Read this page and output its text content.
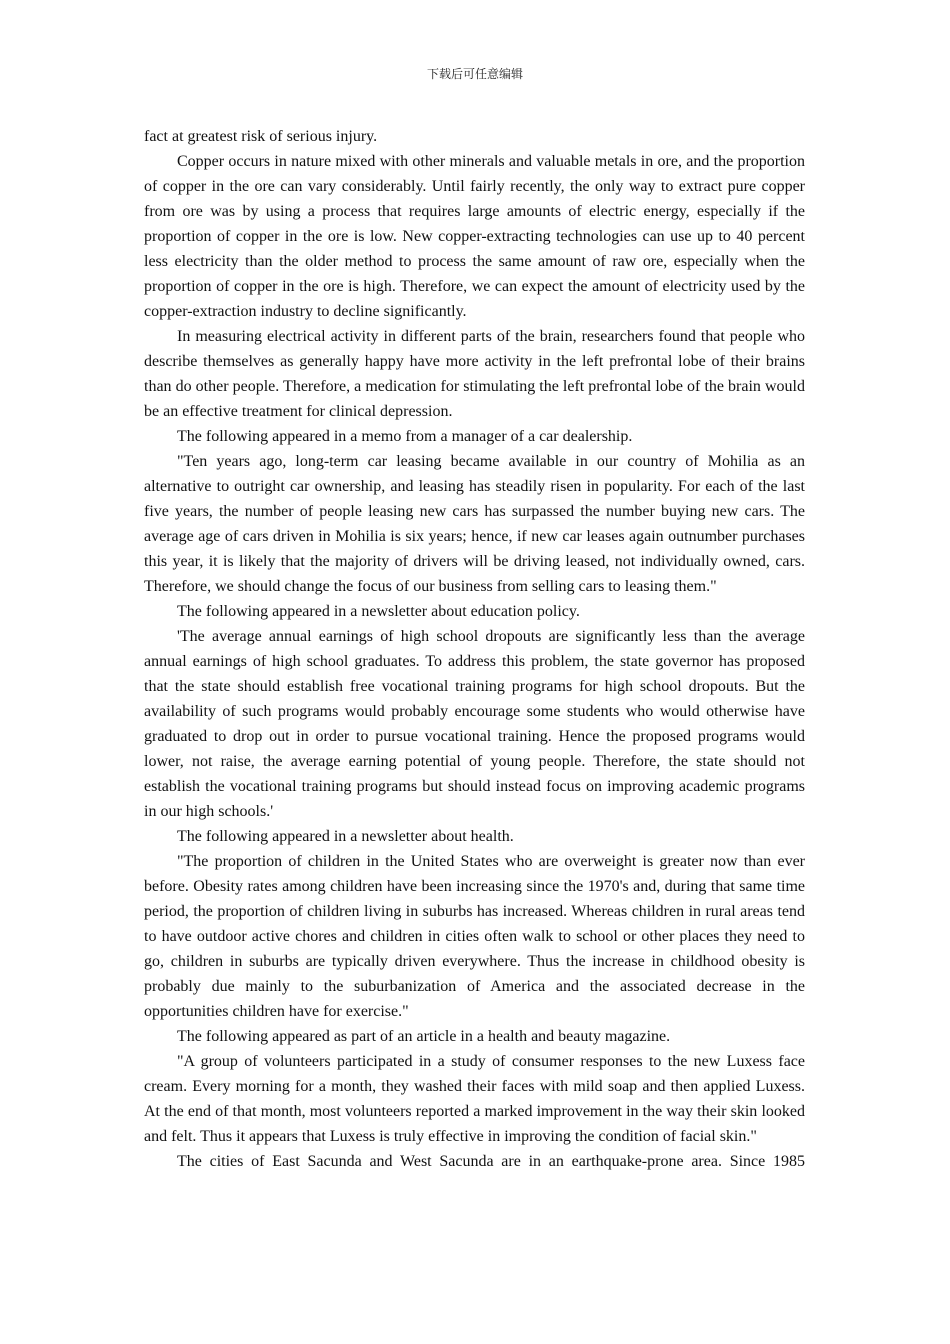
下载后可任意编辑

fact at greatest risk of serious injury.

Copper occurs in nature mixed with other minerals and valuable metals in ore, and the proportion of copper in the ore can vary considerably. Until fairly recently, the only way to extract pure copper from ore was by using a process that requires large amounts of electric energy, especially if the proportion of copper in the ore is low. New copper-extracting technologies can use up to 40 percent less electricity than the older method to process the same amount of raw ore, especially when the proportion of copper in the ore is high. Therefore, we can expect the amount of electricity used by the copper-extraction industry to decline significantly.

In measuring electrical activity in different parts of the brain, researchers found that people who describe themselves as generally happy have more activity in the left prefrontal lobe of their brains than do other people. Therefore, a medication for stimulating the left prefrontal lobe of the brain would be an effective treatment for clinical depression.

The following appeared in a memo from a manager of a car dealership.

"Ten years ago, long-term car leasing became available in our country of Mohilia as an alternative to outright car ownership, and leasing has steadily risen in popularity. For each of the last five years, the number of people leasing new cars has surpassed the number buying new cars. The average age of cars driven in Mohilia is six years; hence, if new car leases again outnumber purchases this year, it is likely that the majority of drivers will be driving leased, not individually owned, cars. Therefore, we should change the focus of our business from selling cars to leasing them."

The following appeared in a newsletter about education policy.

'The average annual earnings of high school dropouts are significantly less than the average annual earnings of high school graduates. To address this problem, the state governor has proposed that the state should establish free vocational training programs for high school dropouts. But the availability of such programs would probably encourage some students who would otherwise have graduated to drop out in order to pursue vocational training. Hence the proposed programs would lower, not raise, the average earning potential of young people. Therefore, the state should not establish the vocational training programs but should instead focus on improving academic programs in our high schools.'

The following appeared in a newsletter about health.

"The proportion of children in the United States who are overweight is greater now than ever before. Obesity rates among children have been increasing since the 1970's and, during that same time period, the proportion of children living in suburbs has increased. Whereas children in rural areas tend to have outdoor active chores and children in cities often walk to school or other places they need to go, children in suburbs are typically driven everywhere. Thus the increase in childhood obesity is probably due mainly to the suburbanization of America and the associated decrease in the opportunities children have for exercise."

The following appeared as part of an article in a health and beauty magazine.

"A group of volunteers participated in a study of consumer responses to the new Luxess face cream. Every morning for a month, they washed their faces with mild soap and then applied Luxess. At the end of that month, most volunteers reported a marked improvement in the way their skin looked and felt. Thus it appears that Luxess is truly effective in improving the condition of facial skin."

The cities of East Sacunda and West Sacunda are in an earthquake-prone area. Since 1985
